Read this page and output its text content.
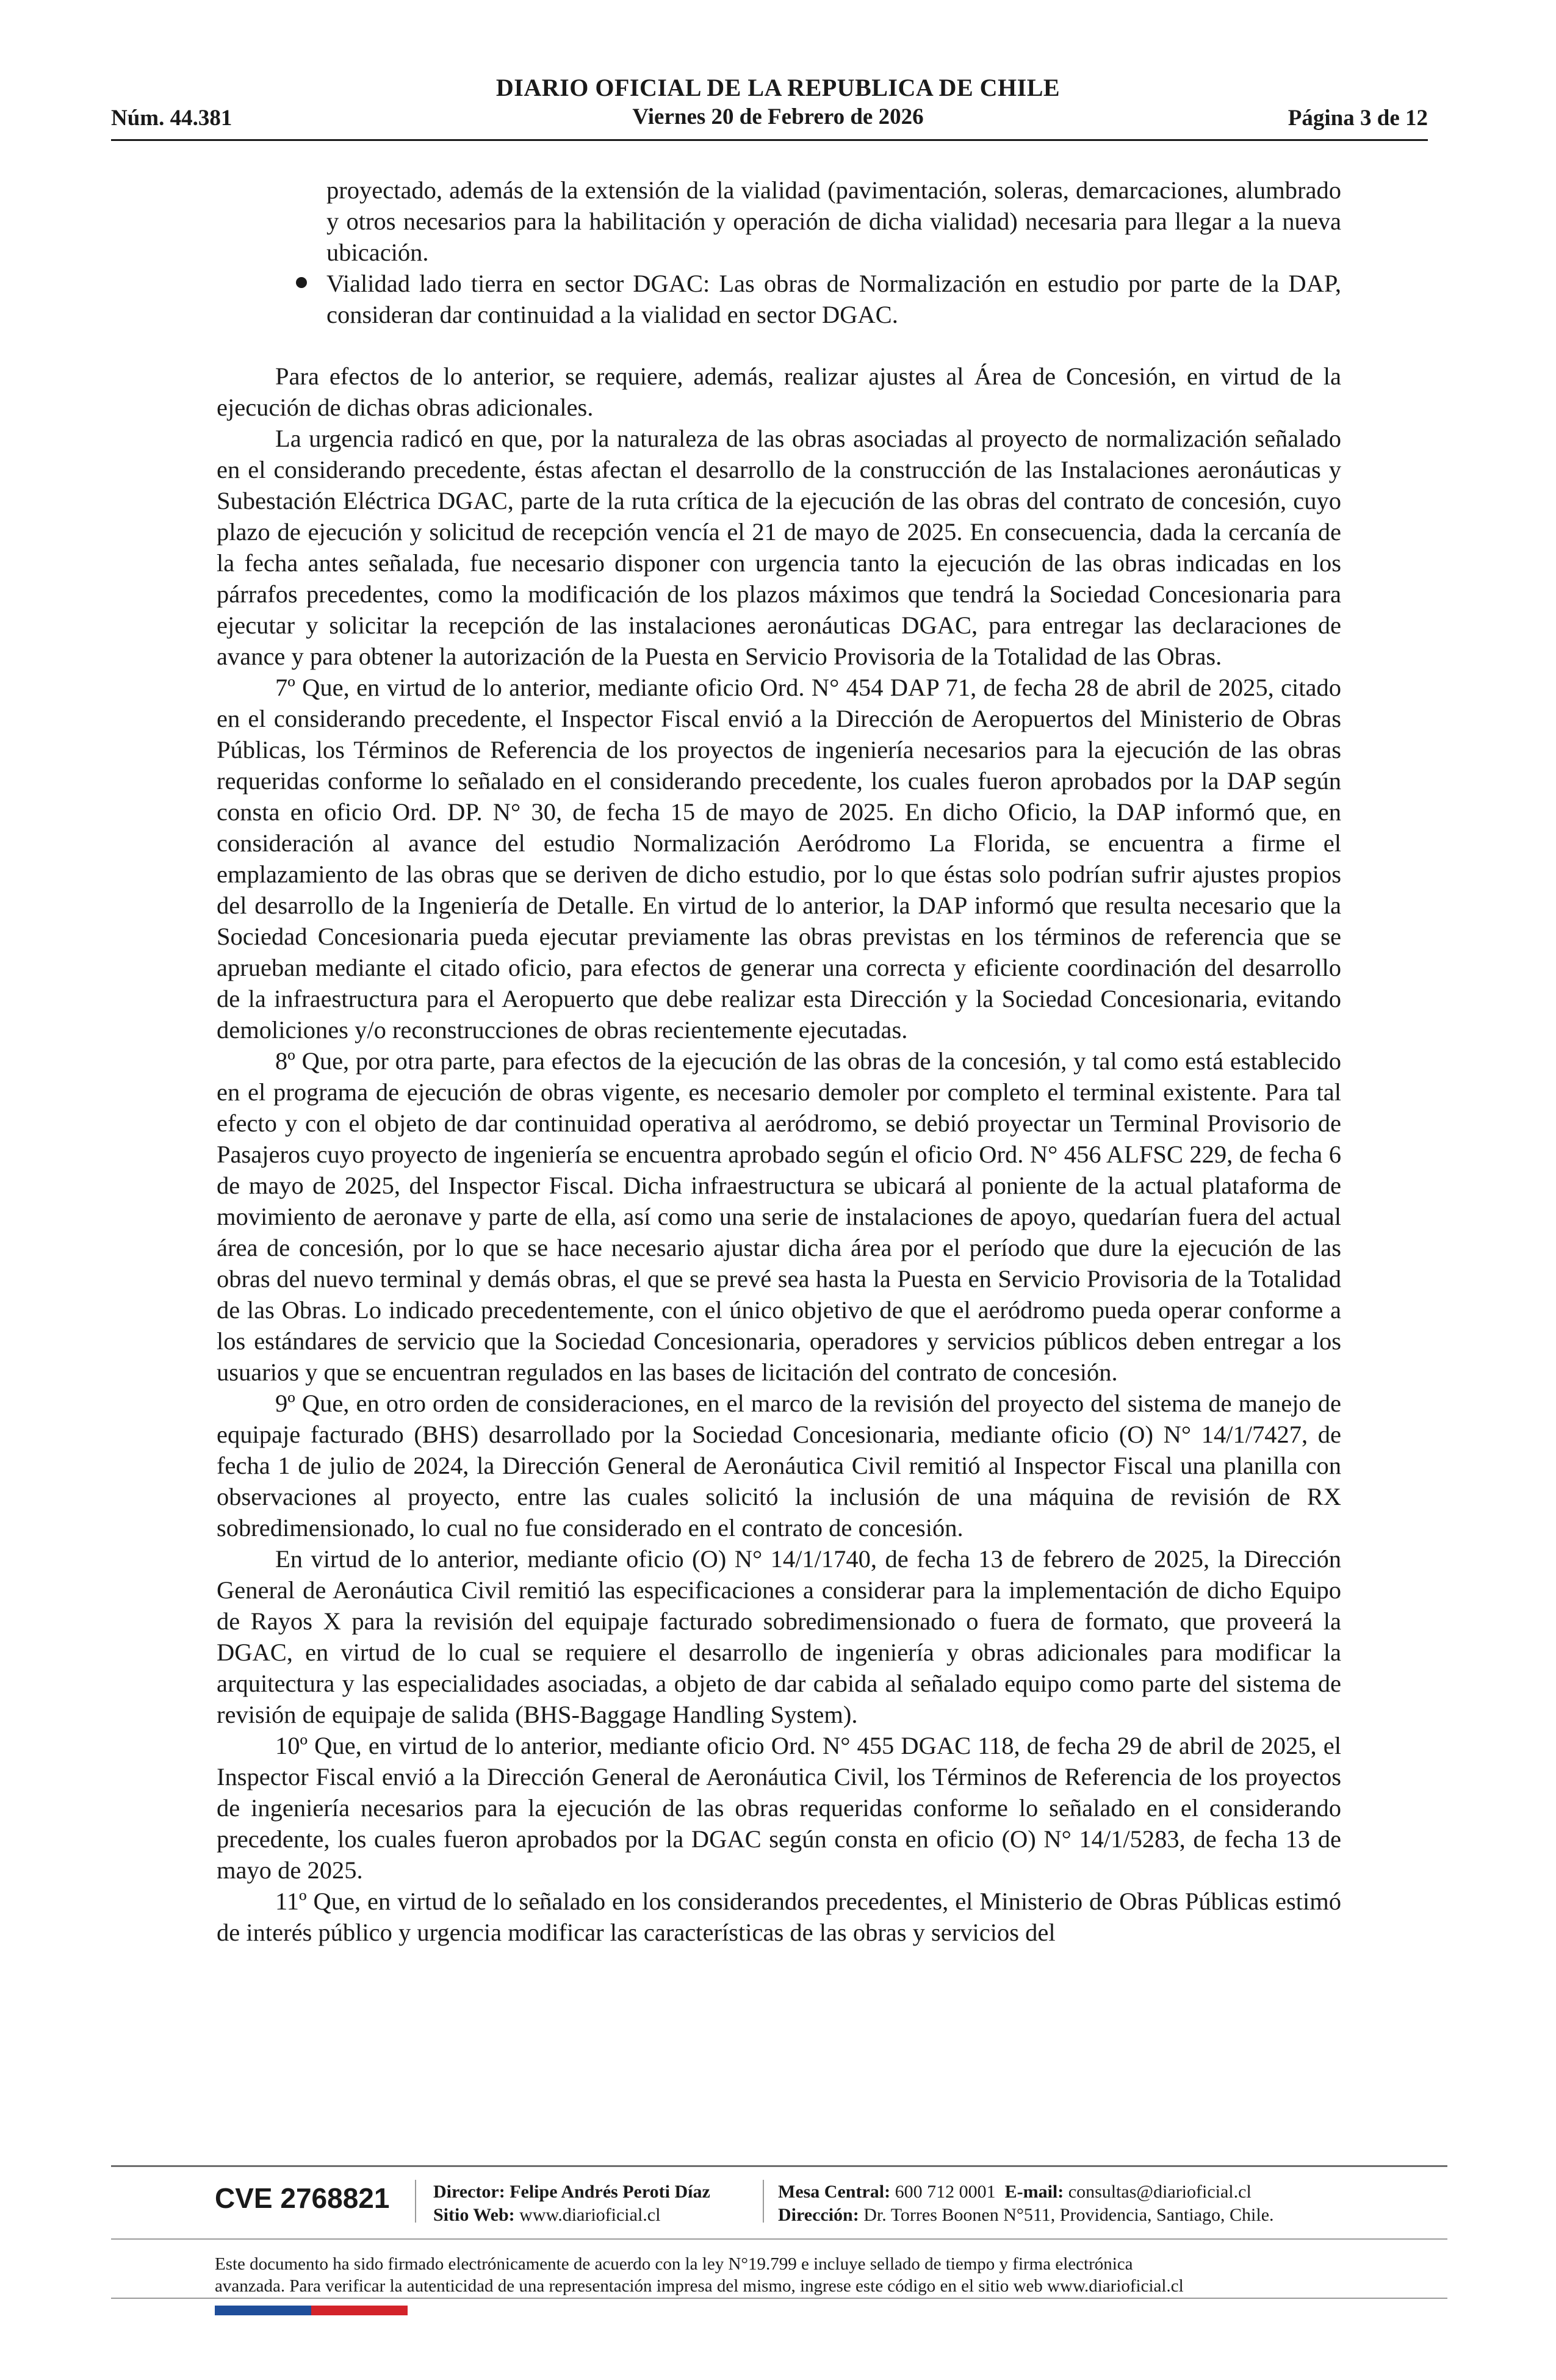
DIARIO OFICIAL DE LA REPUBLICA DE CHILE
Viernes 20 de Febrero de 2026
Núm. 44.381	Página 3 de 12

proyectado, además de la extensión de la vialidad (pavimentación, soleras, demarcaciones, alumbrado y otros necesarios para la habilitación y operación de dicha vialidad) necesaria para llegar a la nueva ubicación.

Vialidad lado tierra en sector DGAC: Las obras de Normalización en estudio por parte de la DAP, consideran dar continuidad a la vialidad en sector DGAC.

Para efectos de lo anterior, se requiere, además, realizar ajustes al Área de Concesión, en virtud de la ejecución de dichas obras adicionales.

La urgencia radicó en que, por la naturaleza de las obras asociadas al proyecto de normalización señalado en el considerando precedente, éstas afectan el desarrollo de la construcción de las Instalaciones aeronáuticas y Subestación Eléctrica DGAC, parte de la ruta crítica de la ejecución de las obras del contrato de concesión, cuyo plazo de ejecución y solicitud de recepción vencía el 21 de mayo de 2025. En consecuencia, dada la cercanía de la fecha antes señalada, fue necesario disponer con urgencia tanto la ejecución de las obras indicadas en los párrafos precedentes, como la modificación de los plazos máximos que tendrá la Sociedad Concesionaria para ejecutar y solicitar la recepción de las instalaciones aeronáuticas DGAC, para entregar las declaraciones de avance y para obtener la autorización de la Puesta en Servicio Provisoria de la Totalidad de las Obras.

7º Que, en virtud de lo anterior, mediante oficio Ord. N° 454 DAP 71, de fecha 28 de abril de 2025, citado en el considerando precedente, el Inspector Fiscal envió a la Dirección de Aeropuertos del Ministerio de Obras Públicas, los Términos de Referencia de los proyectos de ingeniería necesarios para la ejecución de las obras requeridas conforme lo señalado en el considerando precedente, los cuales fueron aprobados por la DAP según consta en oficio Ord. DP. N° 30, de fecha 15 de mayo de 2025. En dicho Oficio, la DAP informó que, en consideración al avance del estudio Normalización Aeródromo La Florida, se encuentra a firme el emplazamiento de las obras que se deriven de dicho estudio, por lo que éstas solo podrían sufrir ajustes propios del desarrollo de la Ingeniería de Detalle. En virtud de lo anterior, la DAP informó que resulta necesario que la Sociedad Concesionaria pueda ejecutar previamente las obras previstas en los términos de referencia que se aprueban mediante el citado oficio, para efectos de generar una correcta y eficiente coordinación del desarrollo de la infraestructura para el Aeropuerto que debe realizar esta Dirección y la Sociedad Concesionaria, evitando demoliciones y/o reconstrucciones de obras recientemente ejecutadas.

8º Que, por otra parte, para efectos de la ejecución de las obras de la concesión, y tal como está establecido en el programa de ejecución de obras vigente, es necesario demoler por completo el terminal existente. Para tal efecto y con el objeto de dar continuidad operativa al aeródromo, se debió proyectar un Terminal Provisorio de Pasajeros cuyo proyecto de ingeniería se encuentra aprobado según el oficio Ord. N° 456 ALFSC 229, de fecha 6 de mayo de 2025, del Inspector Fiscal. Dicha infraestructura se ubicará al poniente de la actual plataforma de movimiento de aeronave y parte de ella, así como una serie de instalaciones de apoyo, quedarían fuera del actual área de concesión, por lo que se hace necesario ajustar dicha área por el período que dure la ejecución de las obras del nuevo terminal y demás obras, el que se prevé sea hasta la Puesta en Servicio Provisoria de la Totalidad de las Obras. Lo indicado precedentemente, con el único objetivo de que el aeródromo pueda operar conforme a los estándares de servicio que la Sociedad Concesionaria, operadores y servicios públicos deben entregar a los usuarios y que se encuentran regulados en las bases de licitación del contrato de concesión.

9º Que, en otro orden de consideraciones, en el marco de la revisión del proyecto del sistema de manejo de equipaje facturado (BHS) desarrollado por la Sociedad Concesionaria, mediante oficio (O) N° 14/1/7427, de fecha 1 de julio de 2024, la Dirección General de Aeronáutica Civil remitió al Inspector Fiscal una planilla con observaciones al proyecto, entre las cuales solicitó la inclusión de una máquina de revisión de RX sobredimensionado, lo cual no fue considerado en el contrato de concesión.

En virtud de lo anterior, mediante oficio (O) N° 14/1/1740, de fecha 13 de febrero de 2025, la Dirección General de Aeronáutica Civil remitió las especificaciones a considerar para la implementación de dicho Equipo de Rayos X para la revisión del equipaje facturado sobredimensionado o fuera de formato, que proveerá la DGAC, en virtud de lo cual se requiere el desarrollo de ingeniería y obras adicionales para modificar la arquitectura y las especialidades asociadas, a objeto de dar cabida al señalado equipo como parte del sistema de revisión de equipaje de salida (BHS-Baggage Handling System).

10º Que, en virtud de lo anterior, mediante oficio Ord. N° 455 DGAC 118, de fecha 29 de abril de 2025, el Inspector Fiscal envió a la Dirección General de Aeronáutica Civil, los Términos de Referencia de los proyectos de ingeniería necesarios para la ejecución de las obras requeridas conforme lo señalado en el considerando precedente, los cuales fueron aprobados por la DGAC según consta en oficio (O) N° 14/1/5283, de fecha 13 de mayo de 2025.

11º Que, en virtud de lo señalado en los considerandos precedentes, el Ministerio de Obras Públicas estimó de interés público y urgencia modificar las características de las obras y servicios del

CVE 2768821 Director: Felipe Andrés Peroti Díaz
Sitio Web: www.diarioficial.cl
Mesa Central: 600 712 0001 E-mail: consultas@diarioficial.cl
Dirección: Dr. Torres Boonen N°511, Providencia, Santiago, Chile.
Este documento ha sido firmado electrónicamente de acuerdo con la ley N°19.799 e incluye sellado de tiempo y firma electrónica
avanzada. Para verificar la autenticidad de una representación impresa del mismo, ingrese este código en el sitio web www.diarioficial.cl
